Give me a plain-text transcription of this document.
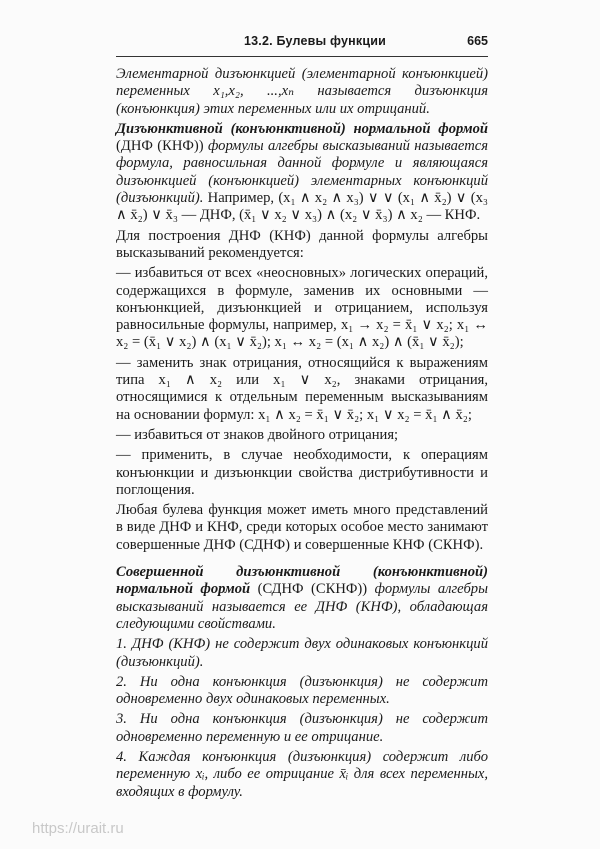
13.2. Булевы функции	665

Элементарной дизъюнкцией (элементарной конъюнкцией) переменных x₁,x₂, ...,xₙ называется дизъюнкция (конъюнкция) этих переменных или их отрицаний.

Дизъюнктивной (конъюнктивной) нормальной формой (ДНФ (КНФ)) формулы алгебры высказываний называется формула, равносильная данной формуле и являющаяся дизъюнкцией (конъюнкцией) элементарных конъюнкций (дизъюнкций). Например, (x₁ ∧ x₂ ∧ x₃) ∨ ∨ (x₁ ∧ x̄₂) ∨ (x₃ ∧ x̄₂) ∨ x̄₃ — ДНФ, (x̄₁ ∨ x₂ ∨ x₃) ∧ (x₂ ∨ x̄₃) ∧ x₂ — КНФ.

Для построения ДНФ (КНФ) данной формулы алгебры высказываний рекомендуется:

— избавиться от всех «неосновных» логических операций, содержащихся в формуле, заменив их основными — конъюнкцией, дизъюнкцией и отрицанием, используя равносильные формулы, например, x₁ → x₂ = x̄₁ ∨ x₂; x₁ ↔ x₂ = (x̄₁ ∨ x₂) ∧ (x₁ ∨ x̄₂); x₁ ↔ x₂ = (x₁ ∧ x₂) ∧ (x̄₁ ∨ x̄₂);

— заменить знак отрицания, относящийся к выражениям типа x₁ ∧ x₂ или x₁ ∨ x₂, знаками отрицания, относящимися к отдельным переменным высказываниям на основании формул: x₁ ∧ x₂ = x̄₁ ∨ x̄₂; x₁ ∨ x₂ = x̄₁ ∧ x̄₂;

— избавиться от знаков двойного отрицания;

— применить, в случае необходимости, к операциям конъюнкции и дизъюнкции свойства дистрибутивности и поглощения.

Любая булева функция может иметь много представлений в виде ДНФ и КНФ, среди которых особое место занимают совершенные ДНФ (СДНФ) и совершенные КНФ (СКНФ).

Совершенной дизъюнктивной (конъюнктивной) нормальной формой (СДНФ (СКНФ)) формулы алгебры высказываний называется ее ДНФ (КНФ), обладающая следующими свойствами.

1. ДНФ (КНФ) не содержит двух одинаковых конъюнкций (дизъюнкций).

2. Ни одна конъюнкция (дизъюнкция) не содержит одновременно двух одинаковых переменных.

3. Ни одна конъюнкция (дизъюнкция) не содержит одновременно переменную и ее отрицание.

4. Каждая конъюнкция (дизъюнкция) содержит либо переменную xᵢ, либо ее отрицание x̄ᵢ для всех переменных, входящих в формулу.

https://urait.ru
